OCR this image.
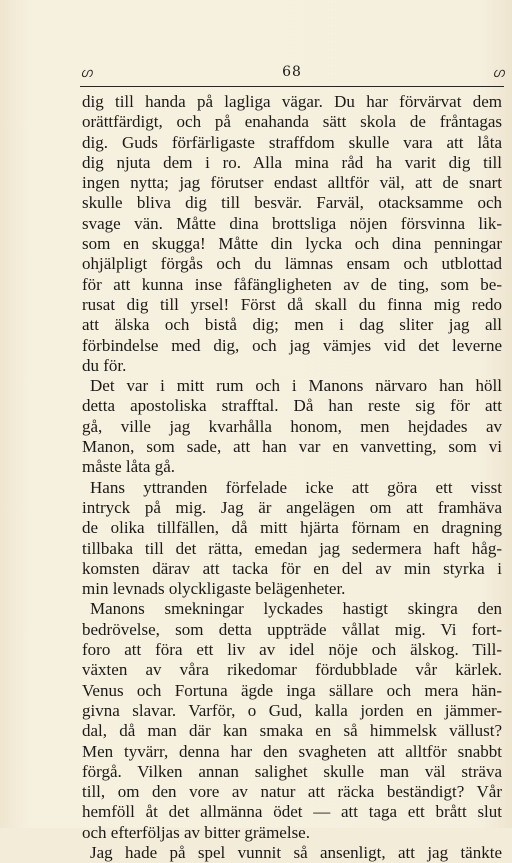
ഗ	68	ഗ
dig till handa på lagliga vägar. Du har förvärvat dem
orättfärdigt, och på enahanda sätt skola de fråntagas
dig. Guds förfärligaste straffdom skulle vara att låta
dig njuta dem i ro. Alla mina råd ha varit dig till
ingen nytta; jag förutser endast alltför väl, att de snart
skulle bliva dig till besvär. Farväl, otacksamme och
svage vän. Måtte dina brottsliga nöjen försvinna lik-
som en skugga! Måtte din lycka och dina penningar
ohjälpligt förgås och du lämnas ensam och utblottad
för att kunna inse fåfängligheten av de ting, som be-
rusat dig till yrsel! Först då skall du finna mig redo
att älska och bistå dig; men i dag sliter jag all
förbindelse med dig, och jag vämjes vid det leverne
du för.
Det var i mitt rum och i Manons närvaro han höll
detta apostoliska strafftal. Då han reste sig för att
gå, ville jag kvarhålla honom, men hejdades av
Manon, som sade, att han var en vanvetting, som vi
måste låta gå.
Hans yttranden förfelade icke att göra ett visst
intryck på mig. Jag är angelägen om att framhäva
de olika tillfällen, då mitt hjärta förnam en dragning
tillbaka till det rätta, emedan jag sedermera haft håg-
komsten därav att tacka för en del av min styrka i
min levnads olyckligaste belägenheter.
Manons smekningar lyckades hastigt skingra den
bedrövelse, som detta uppträde vållat mig. Vi fort-
foro att föra ett liv av idel nöje och älskog. Till-
växten av våra rikedomar fördubblade vår kärlek.
Venus och Fortuna ägde inga sällare och mera hän-
givna slavar. Varför, o Gud, kalla jorden en jämmer-
dal, då man där kan smaka en så himmelsk vällust?
Men tyvärr, denna har den svagheten att alltför snabbt
förgå. Vilken annan salighet skulle man väl sträva
till, om den vore av natur att räcka beständigt? Vår
hemföll åt det allmänna ödet — att taga ett brått slut
och efterföljas av bitter grämelse.
Jag hade på spel vunnit så ansenligt, att jag tänkte
